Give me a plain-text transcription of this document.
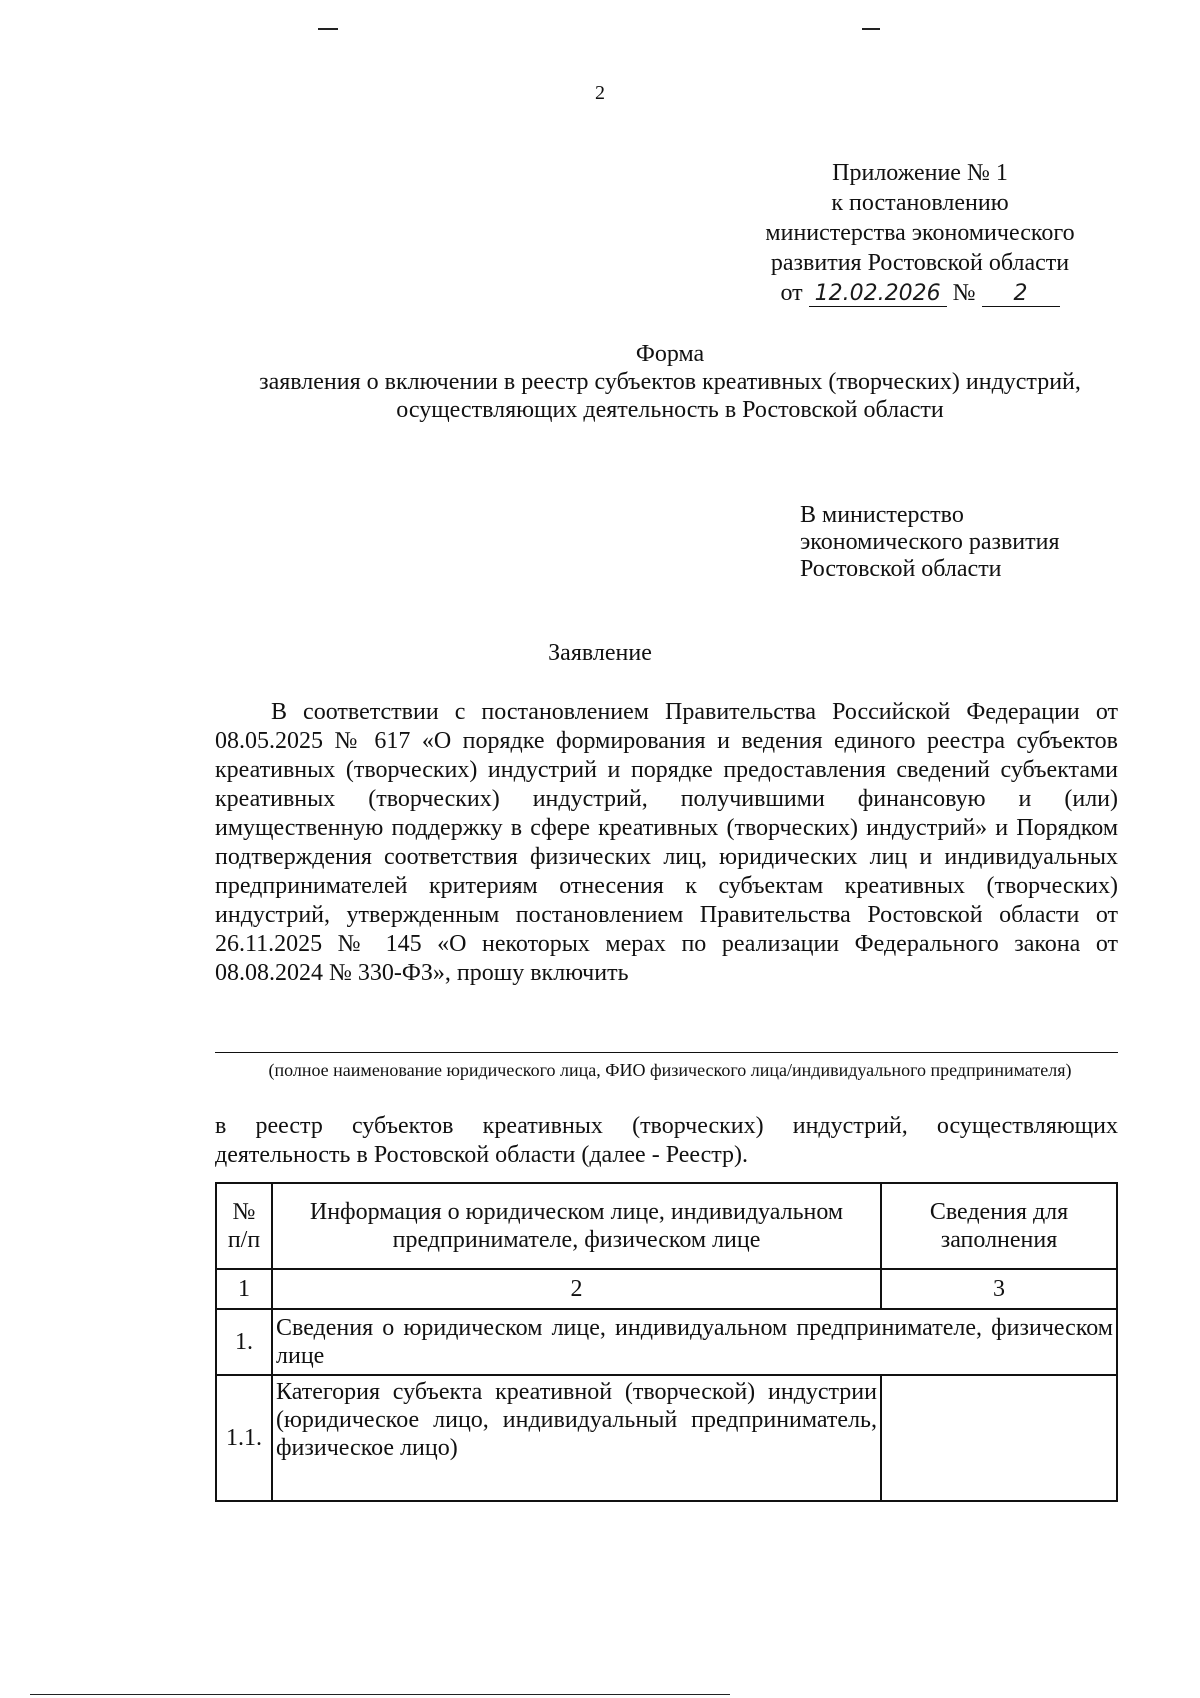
2
Приложение № 1
к постановлению
министерства экономического
развития Ростовской области
от 12.02.2026 № 2
Форма
заявления о включении в реестр субъектов креативных (творческих) индустрий,
осуществляющих деятельность в Ростовской области
В министерство
экономического развития
Ростовской области
Заявление
В соответствии с постановлением Правительства Российской Федерации от 08.05.2025 № 617 «О порядке формирования и ведения единого реестра субъектов креативных (творческих) индустрий и порядке предоставления сведений субъектами креативных (творческих) индустрий, получившими финансовую и (или) имущественную поддержку в сфере креативных (творческих) индустрий» и Порядком подтверждения соответствия физических лиц, юридических лиц и индивидуальных предпринимателей критериям отнесения к субъектам креативных (творческих) индустрий, утвержденным постановлением Правительства Ростовской области от 26.11.2025 № 145 «О некоторых мерах по реализации Федерального закона от 08.08.2024 № 330-ФЗ», прошу включить
(полное наименование юридического лица, ФИО физического лица/индивидуального предпринимателя)
в реестр субъектов креативных (творческих) индустрий, осуществляющих деятельность в Ростовской области (далее - Реестр).
№ п/п	Информация о юридическом лице, индивидуальном предпринимателе, физическом лице	Сведения для заполнения
1	2	3
1.	Сведения о юридическом лице, индивидуальном предпринимателе, физическом лице	
1.1.	Категория субъекта креативной (творческой) индустрии (юридическое лицо, индивидуальный предприниматель, физическое лицо)	
